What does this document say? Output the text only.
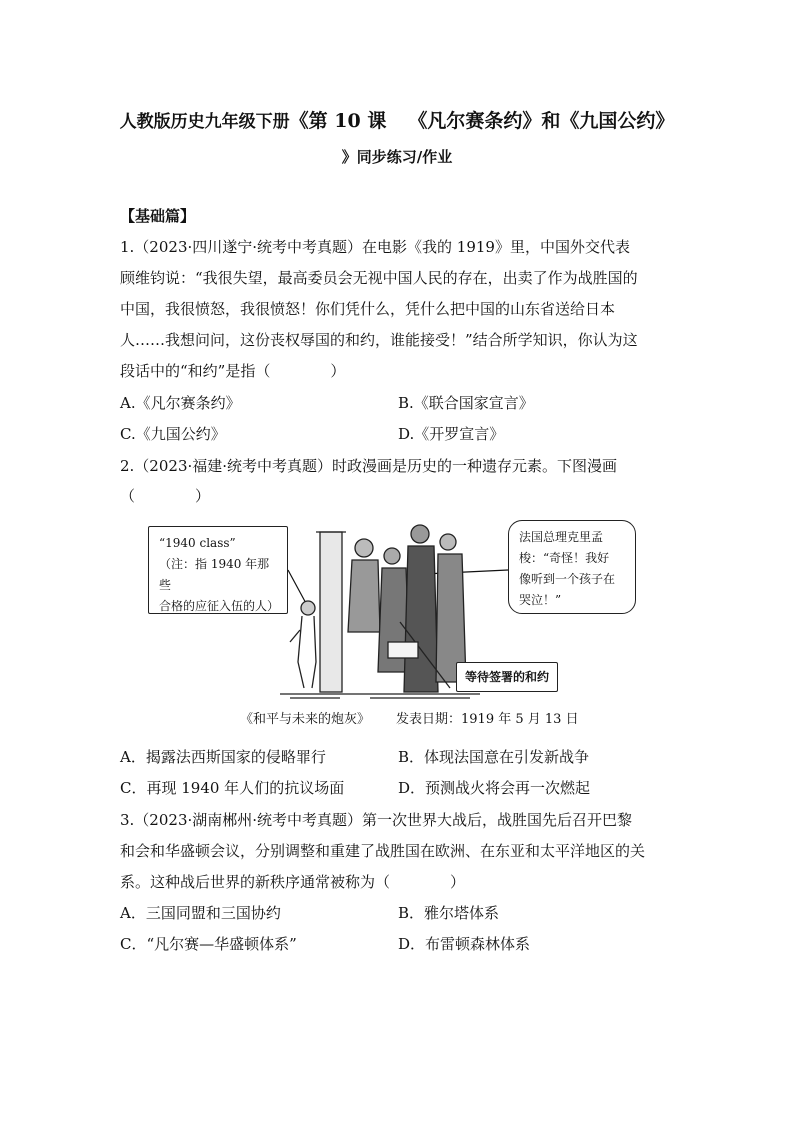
人教版历史九年级下册《第 10 课 《凡尔赛条约》和《九国公约》
》同步练习/作业
【基础篇】
1.（2023·四川遂宁·统考中考真题）在电影《我的 1919》里，中国外交代表
顾维钧说：“我很失望，最高委员会无视中国人民的存在，出卖了作为战胜国的
中国，我很愤怒，我很愤怒！你们凭什么，凭什么把中国的山东省送给日本
人……我想问问，这份丧权辱国的和约，谁能接受！”结合所学知识，你认为这
段话中的“和约”是指（　　　　）
A.《凡尔赛条约》	B.《联合国家宣言》
C.《九国公约》	D.《开罗宣言》
2.（2023·福建·统考中考真题）时政漫画是历史的一种遗存元素。下图漫画
（　　　　）
“1940 class”
（注：指 1940 年那些
合格的应征入伍的人）
法国总理克里孟
梭：“奇怪！我好
像听到一个孩子在
哭泣！”
等待签署的和约
《和平与未来的炮灰》 发表日期：1919 年 5 月 13 日
A．揭露法西斯国家的侵略罪行	B．体现法国意在引发新战争
C．再现 1940 年人们的抗议场面	D．预测战火将会再一次燃起
3.（2023·湖南郴州·统考中考真题）第一次世界大战后，战胜国先后召开巴黎
和会和华盛顿会议，分别调整和重建了战胜国在欧洲、在东亚和太平洋地区的关
系。这种战后世界的新秩序通常被称为（　　　　）
A．三国同盟和三国协约	B．雅尔塔体系
C．“凡尔赛—华盛顿体系”	D．布雷顿森林体系
